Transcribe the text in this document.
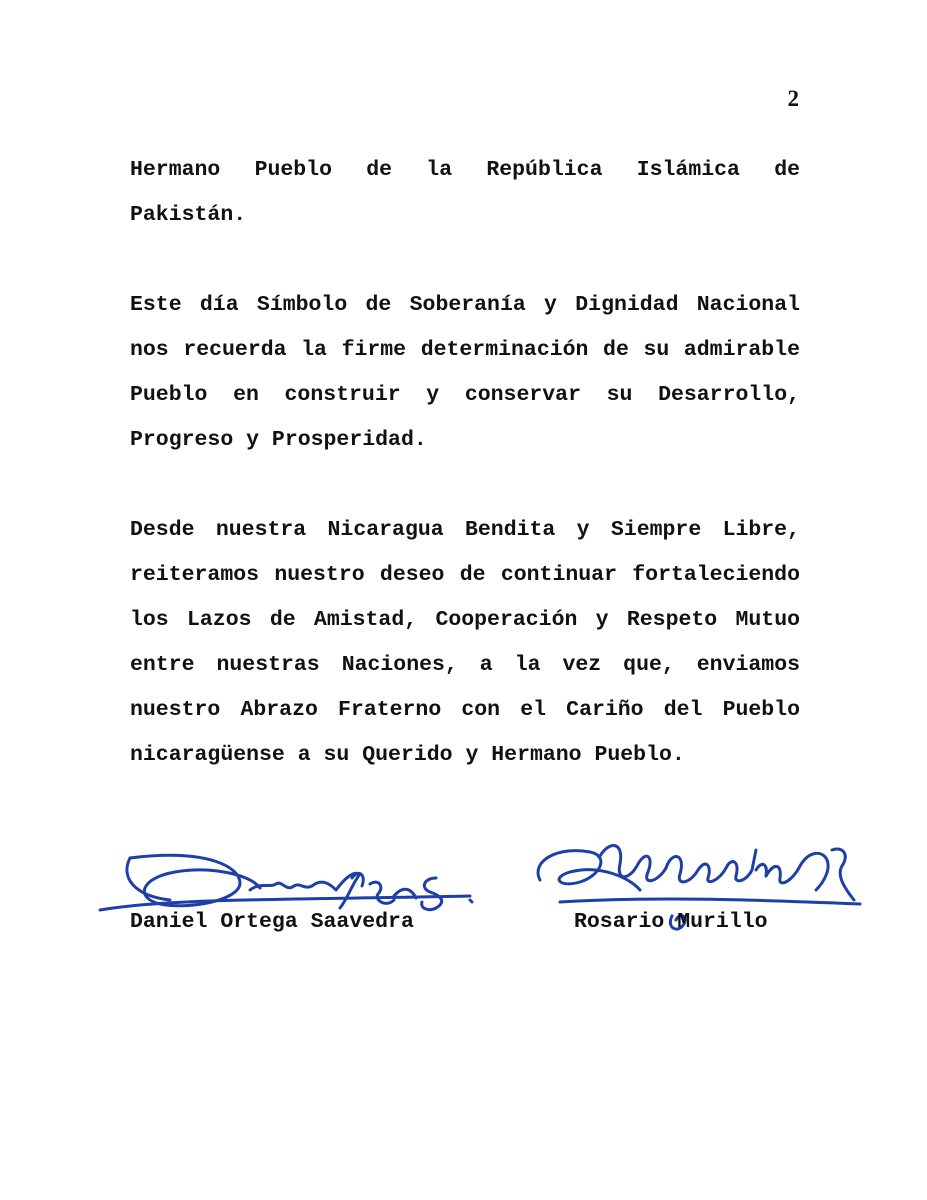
2

Hermano Pueblo de la República Islámica de Pakistán.

Este día Símbolo de Soberanía y Dignidad Nacional nos recuerda la firme determinación de su admirable Pueblo en construir y conservar su Desarrollo, Progreso y Prosperidad.

Desde nuestra Nicaragua Bendita y Siempre Libre, reiteramos nuestro deseo de continuar fortaleciendo los Lazos de Amistad, Cooperación y Respeto Mutuo entre nuestras Naciones, a la vez que, enviamos nuestro Abrazo Fraterno con el Cariño del Pueblo nicaragüense a su Querido y Hermano Pueblo.

Daniel Ortega Saavedra	Rosario Murillo
